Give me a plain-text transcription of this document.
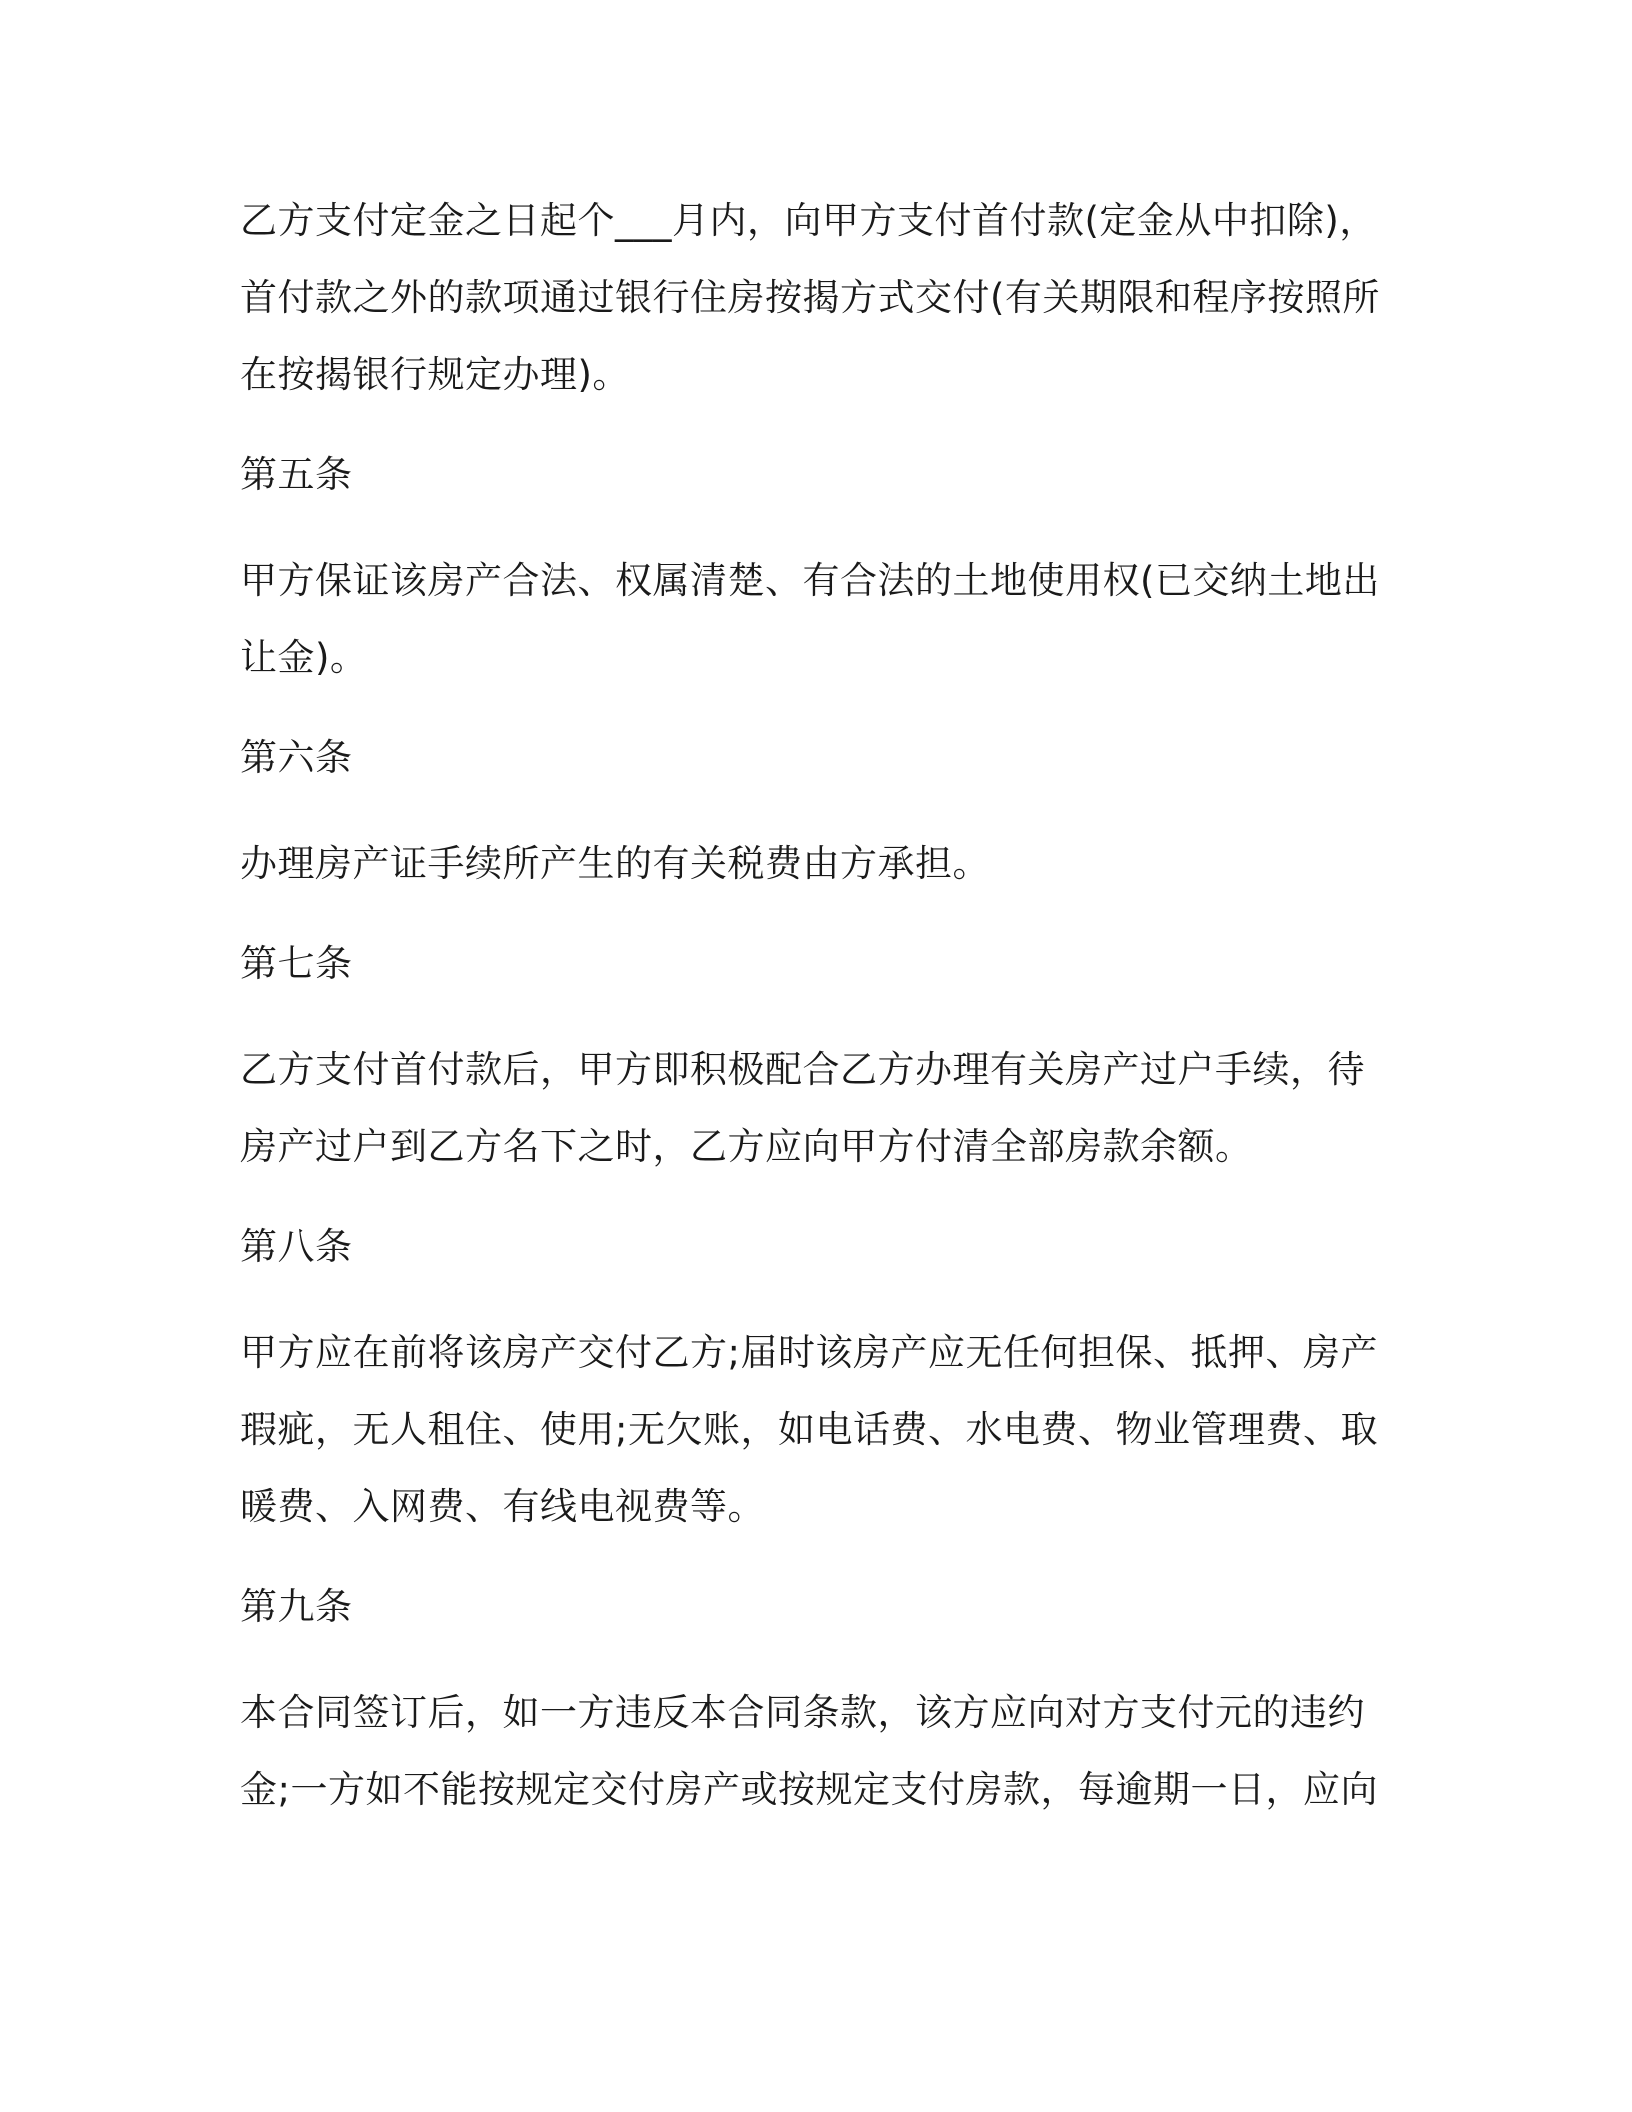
乙方支付定金之日起个___月内，向甲方支付首付款(定金从中扣除)，
首付款之外的款项通过银行住房按揭方式交付(有关期限和程序按照所
在按揭银行规定办理)。
第五条
甲方保证该房产合法、权属清楚、有合法的土地使用权(已交纳土地出
让金)。
第六条
办理房产证手续所产生的有关税费由方承担。
第七条
乙方支付首付款后，甲方即积极配合乙方办理有关房产过户手续，待
房产过户到乙方名下之时，乙方应向甲方付清全部房款余额。
第八条
甲方应在前将该房产交付乙方;届时该房产应无任何担保、抵押、房产
瑕疵，无人租住、使用;无欠账，如电话费、水电费、物业管理费、取
暖费、入网费、有线电视费等。
第九条
本合同签订后，如一方违反本合同条款，该方应向对方支付元的违约
金;一方如不能按规定交付房产或按规定支付房款，每逾期一日，应向
